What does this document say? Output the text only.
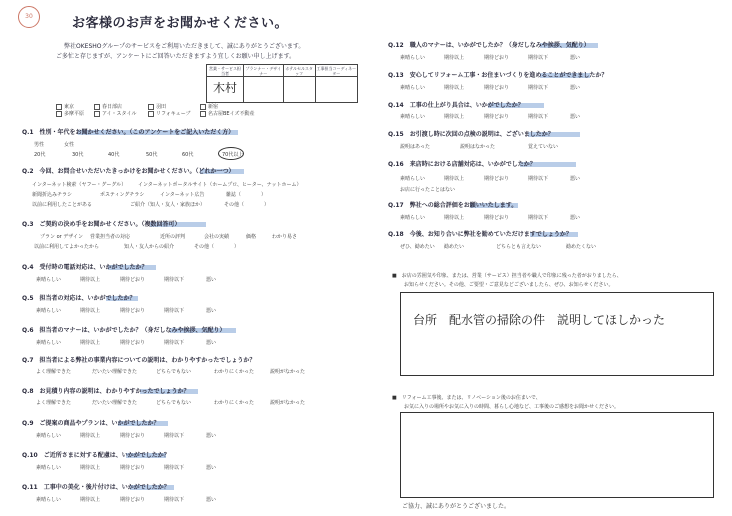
30	お客様のお声をお聞かせください。
弊社OKESHOグループのサービスをご利用いただきまして、誠にありがとうございます。
ご多忙と存じますが、アンケートにご回答いただきますよう宜しくお願い申し上げます。
営業・サービス担当者	プランナー・デザイナー	ホテルセルスタッフ	工事担当コーディネーター
木村			
東京	春日部店	羽田	新宿
多摩平原	アイ・スタイル	リフォキューブ	名古屋BEイズ不動産
Q.1　性別・年代をお聞かせください。（このアンケートをご記入いただく方）
男性	女性
20代	30代	40代	50代	60代	70代以上
Q.2　今回、お問合せいただいたきっかけをお聞かせください。（どれか一つ）
インターネット検索（ヤフー・グーグル） インターネットポータルサイト（ホームプロ、ヒーター、ナットホーム）
新聞折込みチラシ	ポスティングチラシ	インターネット広告	雑誌（　　　　）
以前に利用したことがある	ご紹介（知人・友人・家族ほか）	その他（　　　　）
Q.3　ご契約の決め手をお聞かせください。（複数回答可）
プラン or デザイン 営業担当者の対応	近所の評判	会社の実績	価格	わかり易さ
以前に利用してよかったから	知人・友人からの紹介	その他（　　　　）
Q.4　受付時の電話対応は、いかがでしたか？
素晴らしい	期待以上	期待どおり	期待以下	悪い
Q.5　担当者の対応は、いかがでしたか？
素晴らしい	期待以上	期待どおり	期待以下	悪い
Q.6　担当者のマナーは、いかがでしたか？（身だしなみや挨拶、気配り）
素晴らしい	期待以上	期待どおり	期待以下	悪い
Q.7　担当者による弊社の事業内容についての説明は、わかりやすかったでしょうか？
よく理解できた	だいたい理解できた	どちらでもない	わかりにくかった	説明がなかった
Q.8　お見積り内容の説明は、わかりやすかったでしょうか？
よく理解できた	だいたい理解できた	どちらでもない	わかりにくかった	説明がなかった
Q.9　ご提案の商品やプランは、いかがでしたか？
素晴らしい	期待以上	期待どおり	期待以下	悪い
Q.10　ご近所さまに対する配慮は、いかがでしたか？
素晴らしい	期待以上	期待どおり	期待以下	悪い
Q.11　工事中の美化・後片付けは、いかがでしたか？
素晴らしい	期待以上	期待どおり	期待以下	悪い
Q.12　職人のマナーは、いかがでしたか？（身だしなみや挨拶、気配り）
素晴らしい	期待以上	期待どおり	期待以下	悪い
Q.13　安心してリフォーム工事・お住まいづくりを進めることができましたか？
素晴らしい	期待以上	期待どおり	期待以下	悪い
Q.14　工事の仕上がり具合は、いかがでしたか？
素晴らしい	期待以上	期待どおり	期待以下	悪い
Q.15　お引渡し時に次回の点検の説明は、ございましたか？
説明はあった	説明はなかった	覚えていない
Q.16　来店時における店舗対応は、いかがでしたか？
素晴らしい	期待以上	期待どおり	期待以下	悪い
お店に行ったことはない
Q.17　弊社への総合評価をお願いいたします。
素晴らしい	期待以上	期待どおり	期待以下	悪い
Q.18　今後、お知り合いに弊社を勧めていただけますでしょうか？
ぜひ、勧めたい 勧めたい	どちらとも言えない	勧めたくない
■　お店の雰囲気や印象、または、営業（サービス）担当者や職人で印象に残った者がおりましたら、
お知らせください。その他、ご要望・ご意見などございましたら、ぜひ、お知らせください。
台所　配水管の掃除の件　説明してほしかった
■　リフォーム工事後、または、リノベーション後のお住まいで、
お気に入りの場所やお気に入りの時間、暮らし心地など、工事後のご感想をお聞かせください。
ご協力、誠にありがとうございました。
